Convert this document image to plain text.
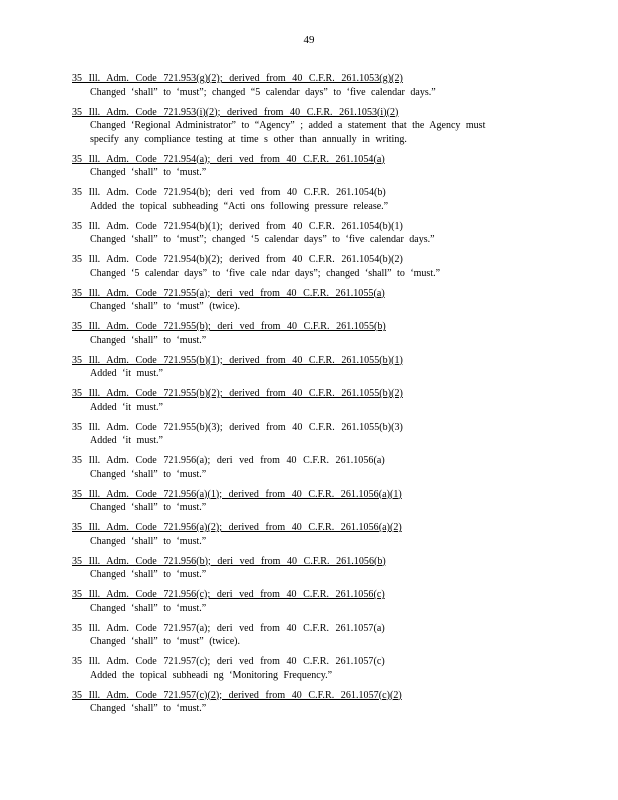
49
35 Ill. Adm. Code 721.953(g)(2); derived from 40 C.F.R. 261.1053(g)(2)
Changed ‘shall” to ‘must”; changed “5 calendar days” to ‘five calendar days.”
35 Ill. Adm. Code 721.953(i)(2); derived from 40 C.F.R. 261.1053(i)(2)
Changed ‘Regional Administrator” to “Agency” ; added a statement that the Agency must
specify any compliance testing at time s other than annually in writing.
35 Ill. Adm. Code 721.954(a); deri ved from 40 C.F.R. 261.1054(a)
Changed ‘shall” to ‘must.”
35 Ill. Adm. Code 721.954(b); deri ved from 40 C.F.R. 261.1054(b)
Added the topical subheading “Acti ons following pressure release.”
35 Ill. Adm. Code 721.954(b)(1); derived from 40 C.F.R. 261.1054(b)(1)
Changed ‘shall” to ‘must”; changed ‘5 calendar days” to ‘five calendar days.”
35 Ill. Adm. Code 721.954(b)(2); derived from 40 C.F.R. 261.1054(b)(2)
Changed ‘5 calendar days” to ‘five cale ndar days”; changed ‘shall” to ‘must.”
35 Ill. Adm. Code 721.955(a); deri ved from 40 C.F.R. 261.1055(a)
Changed ‘shall” to ‘must” (twice).
35 Ill. Adm. Code 721.955(b); deri ved from 40 C.F.R. 261.1055(b)
Changed ‘shall” to ‘must.”
35 Ill. Adm. Code 721.955(b)(1); derived from 40 C.F.R. 261.1055(b)(1)
Added ‘it must.”
35 Ill. Adm. Code 721.955(b)(2); derived from 40 C.F.R. 261.1055(b)(2)
Added ‘it must.”
35 Ill. Adm. Code 721.955(b)(3); derived from 40 C.F.R. 261.1055(b)(3)
Added ‘it must.”
35 Ill. Adm. Code 721.956(a); deri ved from 40 C.F.R. 261.1056(a)
Changed ‘shall” to ‘must.”
35 Ill. Adm. Code 721.956(a)(1); derived from 40 C.F.R. 261.1056(a)(1)
Changed ‘shall” to ‘must.”
35 Ill. Adm. Code 721.956(a)(2); derived from 40 C.F.R. 261.1056(a)(2)
Changed ‘shall” to ‘must.”
35 Ill. Adm. Code 721.956(b); deri ved from 40 C.F.R. 261.1056(b)
Changed ‘shall” to ‘must.”
35 Ill. Adm. Code 721.956(c); deri ved from 40 C.F.R. 261.1056(c)
Changed ‘shall” to ‘must.”
35 Ill. Adm. Code 721.957(a); deri ved from 40 C.F.R. 261.1057(a)
Changed ‘shall” to ‘must” (twice).
35 Ill. Adm. Code 721.957(c); deri ved from 40 C.F.R. 261.1057(c)
Added the topical subheadi ng ‘Monitoring Frequency.”
35 Ill. Adm. Code 721.957(c)(2); derived from 40 C.F.R. 261.1057(c)(2)
Changed ‘shall” to ‘must.”
